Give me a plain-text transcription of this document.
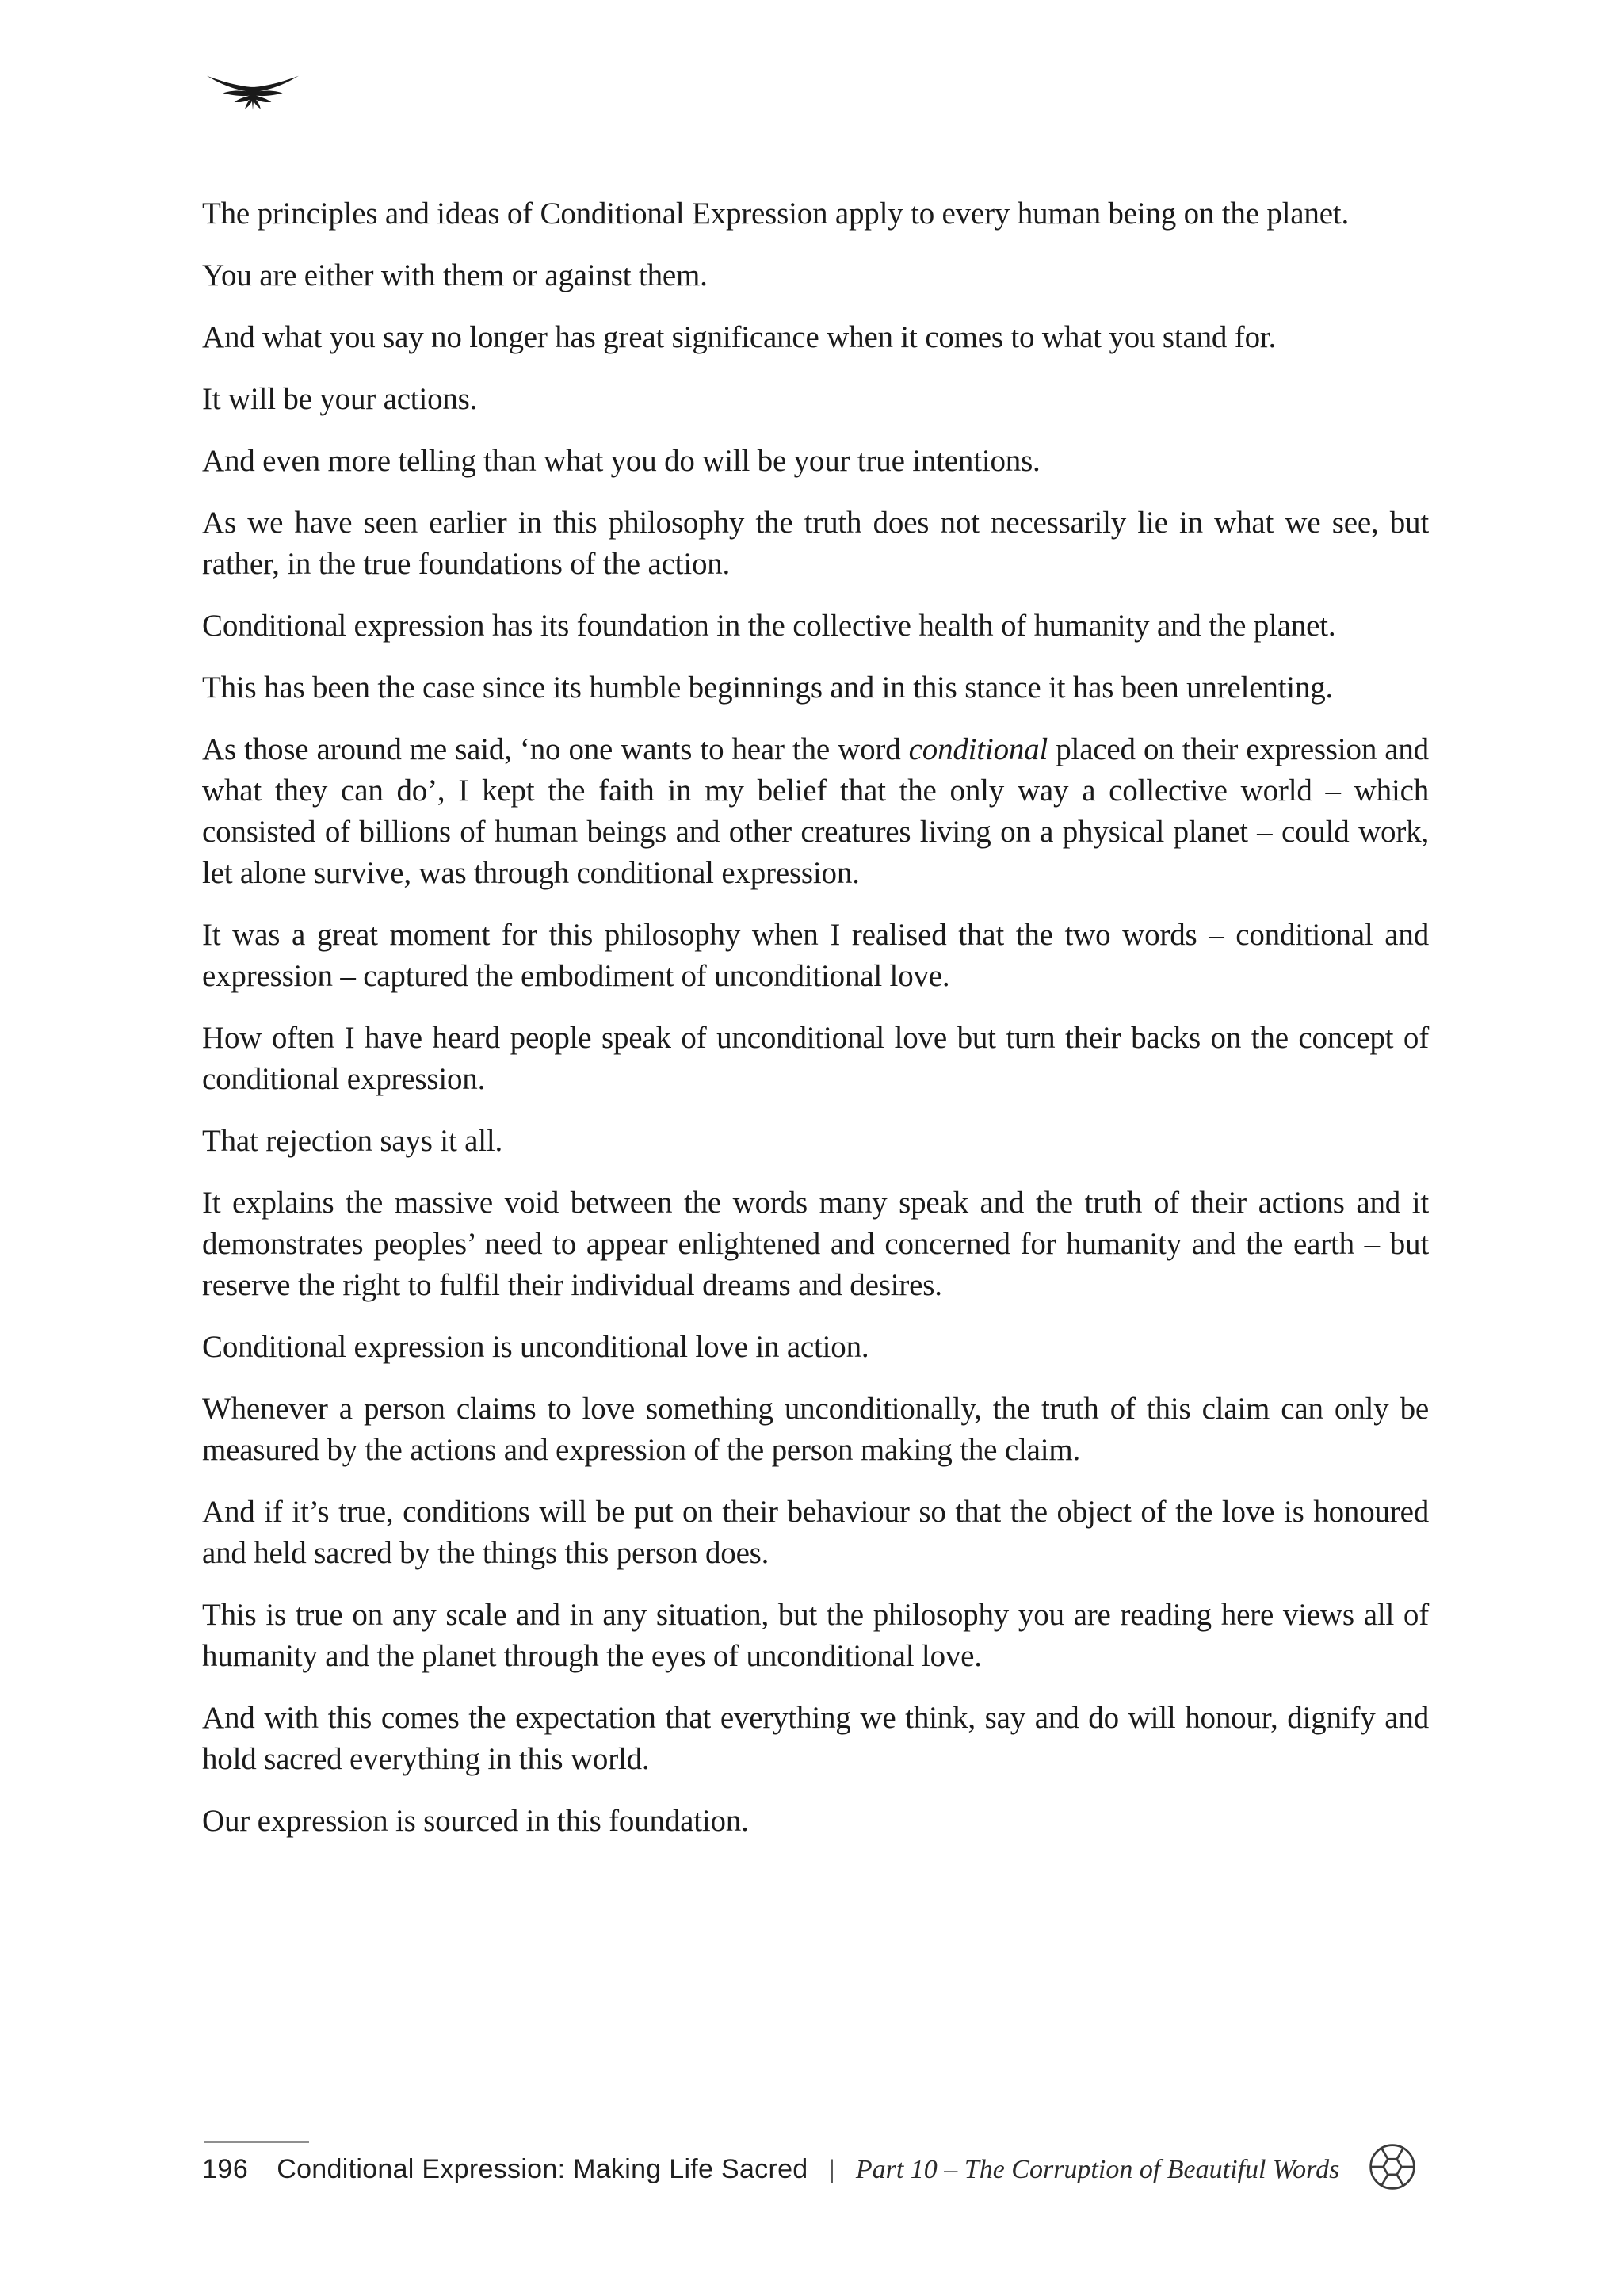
The principles and ideas of Conditional Expression apply to every human being on the planet.

You are either with them or against them.

And what you say no longer has great significance when it comes to what you stand for.

It will be your actions.

And even more telling than what you do will be your true intentions.

As we have seen earlier in this philosophy the truth does not necessarily lie in what we see, but rather, in the true foundations of the action.

Conditional expression has its foundation in the collective health of humanity and the planet.

This has been the case since its humble beginnings and in this stance it has been unrelenting.

As those around me said, ‘no one wants to hear the word conditional placed on their expression and what they can do’, I kept the faith in my belief that the only way a collective world – which consisted of billions of human beings and other creatures living on a physical planet – could work, let alone survive, was through conditional expression.

It was a great moment for this philosophy when I realised that the two words – conditional and expression – captured the embodiment of unconditional love.

How often I have heard people speak of unconditional love but turn their backs on the concept of conditional expression.

That rejection says it all.

It explains the massive void between the words many speak and the truth of their actions and it demonstrates peoples’ need to appear enlightened and concerned for humanity and the earth – but reserve the right to fulfil their individual dreams and desires.

Conditional expression is unconditional love in action.

Whenever a person claims to love something unconditionally, the truth of this claim can only be measured by the actions and expression of the person making the claim.

And if it’s true, conditions will be put on their behaviour so that the object of the love is honoured and held sacred by the things this person does.

This is true on any scale and in any situation, but the philosophy you are reading here views all of humanity and the planet through the eyes of unconditional love.

And with this comes the expectation that everything we think, say and do will honour, dignify and hold sacred everything in this world.

Our expression is sourced in this foundation.

196 Conditional Expression: Making Life Sacred | Part 10 – The Corruption of Beautiful Words
